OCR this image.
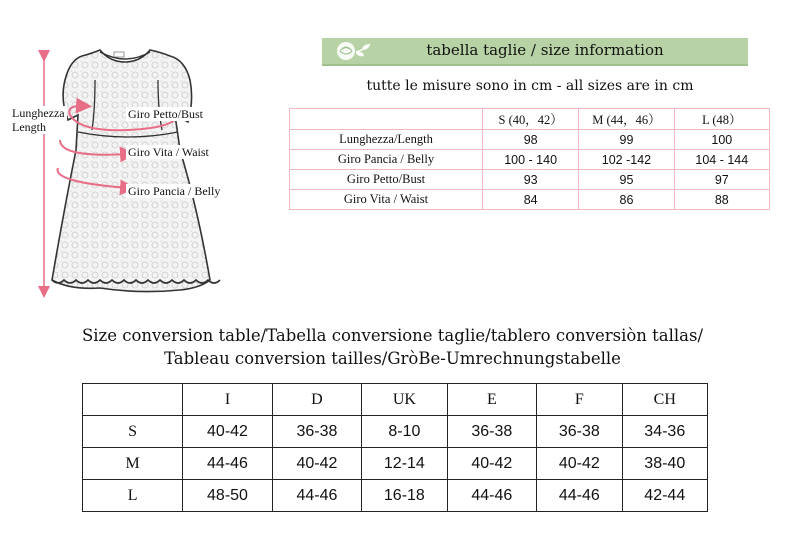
Lunghezza
Length
Giro Petto/Bust
Giro Vita / Waist
Giro Pancia / Belly
tabella taglie / size information
tutte le misure sono in cm - all sizes are in cm
	S (40，42）	M (44，46）	L (48）
Lunghezza/Length	98	99	100
Giro Pancia / Belly	100 - 140	102 -142	104 - 144
Giro Petto/Bust	93	95	97
Giro Vita / Waist	84	86	88
Size conversion table/Tabella conversione taglie/tablero conversiòn tallas/
Tableau conversion tailles/GròBe-Umrechnungstabelle
	I	D	UK	E	F	CH
S	40-42	36-38	8-10	36-38	36-38	34-36
M	44-46	40-42	12-14	40-42	40-42	38-40
L	48-50	44-46	16-18	44-46	44-46	42-44
